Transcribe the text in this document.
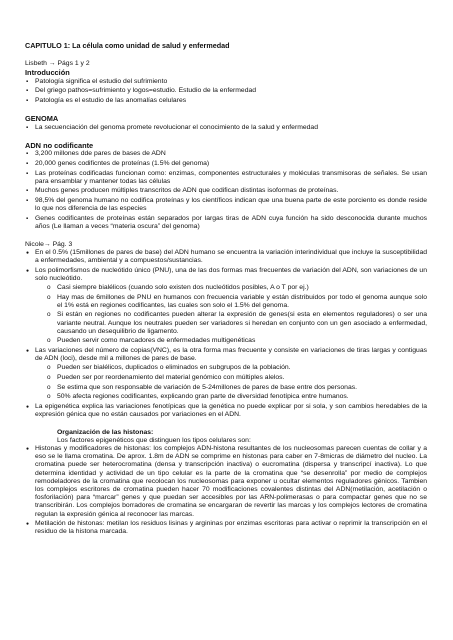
CAPITULO 1: La célula como unidad de salud y enfermedad

Lisbeth → Págs 1 y 2

Introducción

▪ Patología significa el estudio del sufrimiento
▪ Del griego pathos=sufrimiento y logos=estudio. Estudio de la enfermedad
▪ Patología es el estudio de las anomalías celulares

GENOMA

▪ La secuenciación del genoma promete revolucionar el conocimiento de la salud y enfermedad

ADN no codificante

▪ 3,200 millones dde pares de bases de ADN
▪ 20,000 genes codificntes de proteínas (1.5% del genoma)
▪ Las proteínas codificadas funcionan como: enzimas, componentes estructurales y moléculas transmisoras de señales. Se usan para ensamblar y mantener todas las células
▪ Muchos genes producen múltiples transcritos de ADN que codifican distintas isoformas de proteínas.
▪ 98,5% del genoma humano no codifica proteínas y los científicos indican que una buena parte de este porciento es donde reside lo que nos diferencia de las especies
▪ Genes codificantes de proteínas están separados por largas tiras de ADN cuya función ha sido desconocida durante muchos años (Le llaman a veces “materia oscura” del genoma)

Nicole→ Pág. 3

● En el 0.5% (15millones de pares de base) del ADN humano se encuentra la variación interindividual que incluye la susceptibilidad a enfermedades, ambiental y a compuestos/sustancias.
● Los polimorfismos de nucleótido único (PNU), una de las dos formas mas frecuentes de variación del ADN, son variaciones de un solo nucleótido.
o Casi siempre bialélicos (cuando solo existen dos nucleótidos posibles, A o T por ej.)
o Hay mas de 6millones de PNU en humanos con frecuencia variable y están distribuidos por todo el genoma aunque solo el 1% está en regiones codificantes, las cuales son solo el 1.5% del genoma.
o Si están en regiones no codificantes pueden alterar la expresión de genes(si esta en elementos reguladores) o ser una variante neutral. Aunque los neutrales pueden ser variadores si heredan en conjunto con un gen asociado a enfermedad, causando un desequilibrio de ligamento.
o Pueden servir como marcadores de enfermedades multigenéticas
● Las variaciones del número de copias(VNC), es la otra forma mas frecuente y consiste en variaciones de tiras largas y contiguas de ADN (loci), desde mil a millones de pares de base.
o Pueden ser bialélicos, duplicados o eliminados en subgrupos de la población.
o Pueden ser por reordenamiento del material genómico con múltiples alelos.
o Se estima que son responsable de variación de 5-24millones de pares de base entre dos personas.
o 50% afecta regiones codificantes, explicando gran parte de diversidad fenotípica entre humanos.
● La epigenética explica las variaciones fenotípicas que la genética no puede explicar por si sola, y son cambios heredables de la expresión génica que no están causados por variaciones en el ADN.

Organización de las histonas:

Los factores epigenéticos que distinguen los tipos celulares son:

● Histonas y modificadores de histonas: los complejos ADN-histona resultantes de los nucleosomas parecen cuentas de collar y a eso se le llama cromatina. De aprox. 1.8m de ADN se comprime en histonas para caber en 7-8micras de diámetro del nucleo. La cromatina puede ser heterocromatina (densa y transcripción inactiva) o eucromatina (dispersa y transcripcí inactiva). Lo que determina identidad y actividad de un tipo celular es la parte de la cromatina que “se desenrolla” por medio de complejos remodeladores de la cromatina que recolocan los nucleosomas para exponer u ocultar elementos reguladores génicos. Tambien los complejos escritores de cromatina pueden hacer 70 modificaciones covalentes distintas del ADN(metilación, acetilación o fosforilación) para “marcar” genes y que puedan ser accesibles por las ARN-polimerasas o para compactar genes que no se transcribirán. Los complejos borradores de cromatina se encargaran de revertir las marcas y los complejos lectores de cromatina regulan la expresión génica al reconocer las marcas.
● Metilación de histonas: metilan los residuos lisinas y argininas por enzimas escritoras para activar o reprimir la transcripción en el residuo de la histona marcada.
